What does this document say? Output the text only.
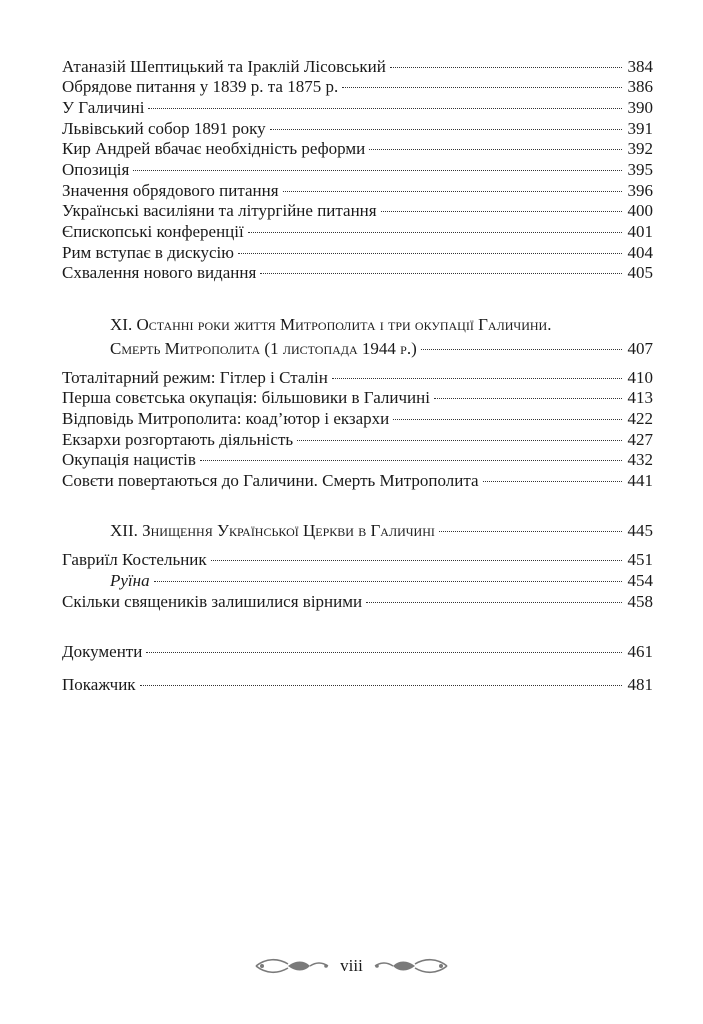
Атаназій Шептицький та Іраклій Лісовський	384
Обрядове питання у 1839 р. та 1875 р.	386
У Галичині	390
Львівський собор 1891 року	391
Кир Андрей вбачає необхідність реформи	392
Опозиція	395
Значення обрядового питання	396
Українські василіяни та літургійне питання	400
Єпископські конференції	401
Рим вступає в дискусію	404
Схвалення нового видання	405
XI. Останні роки життя Митрополита і три окупації Галичини.
Смерть Митрополита (1 листопада 1944 р.)	407
Тоталітарний режим: Гітлер і Сталін	410
Перша совєтська окупація: більшовики в Галичині	413
Відповідь Митрополита: коад’ютор і екзархи	422
Екзархи розгортають діяльність	427
Окупація нацистів	432
Совєти повертаються до Галичини. Смерть Митрополита	441
XII. Знищення Української Церкви в Галичині	445
Гавриїл Костельник	451
Руїна	454
Скільки священиків залишилися вірними	458
Документи	461
Покажчик	481
viii
